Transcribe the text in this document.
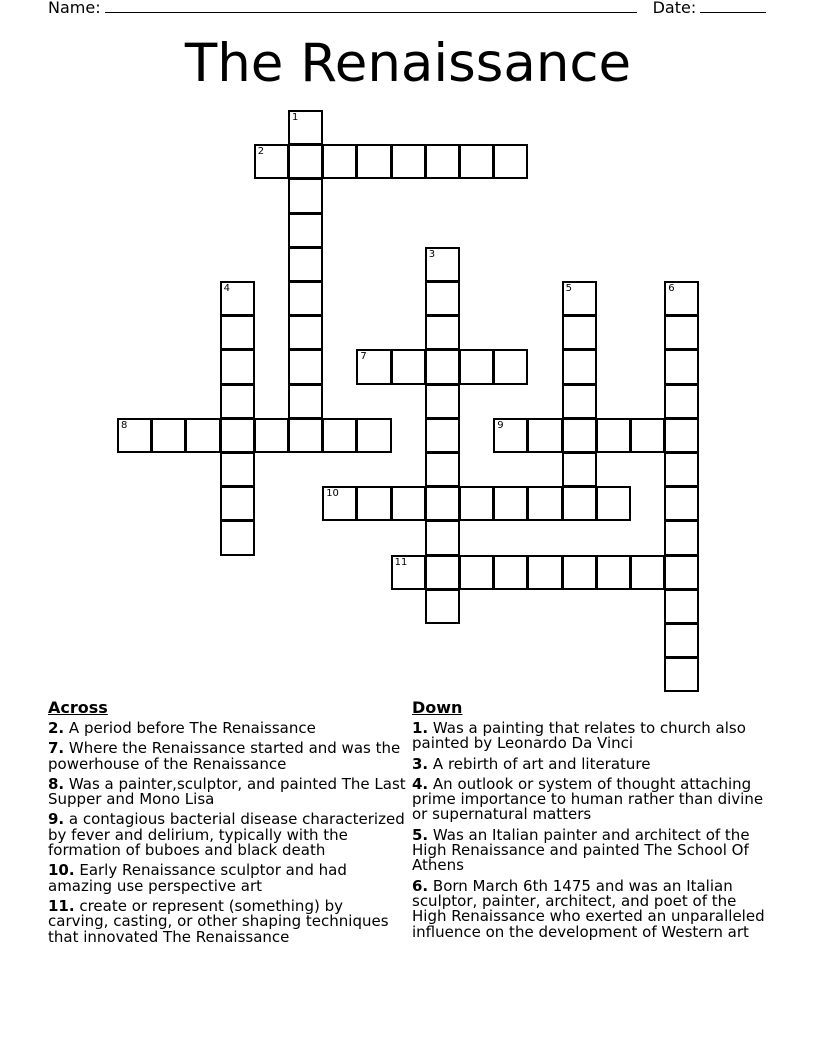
Name:	Date:
The Renaissance
1
2
3
4	5	6
7
8	9
10
11
Across
2. A period before The Renaissance
7. Where the Renaissance started and was the powerhouse of the Renaissance
8. Was a painter,sculptor, and painted The Last Supper and Mono Lisa
9. a contagious bacterial disease characterized by fever and delirium, typically with the formation of buboes and black death
10. Early Renaissance sculptor and had amazing use perspective art
11. create or represent (something) by carving, casting, or other shaping techniques that innovated The Renaissance
Down
1. Was a painting that relates to church also painted by Leonardo Da Vinci
3. A rebirth of art and literature
4. An outlook or system of thought attaching prime importance to human rather than divine or supernatural matters
5. Was an Italian painter and architect of the High Renaissance and painted The School Of Athens
6. Born March 6th 1475 and was an Italian sculptor, painter, architect, and poet of the High Renaissance who exerted an unparalleled influence on the development of Western art
